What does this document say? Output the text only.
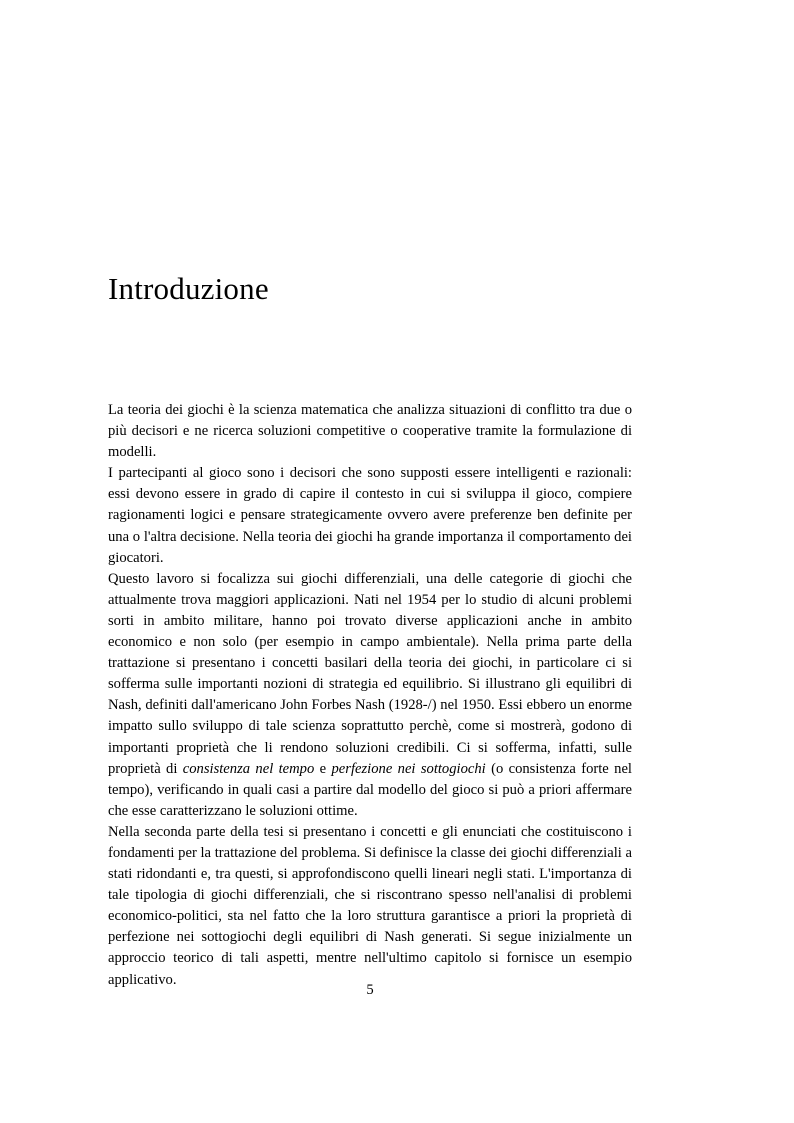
Introduzione

La teoria dei giochi è la scienza matematica che analizza situazioni di conflitto tra due o più decisori e ne ricerca soluzioni competitive o cooperative tramite la formulazione di modelli.

I partecipanti al gioco sono i decisori che sono supposti essere intelligenti e razionali: essi devono essere in grado di capire il contesto in cui si sviluppa il gioco, compiere ragionamenti logici e pensare strategicamente ovvero avere preferenze ben definite per una o l'altra decisione. Nella teoria dei giochi ha grande importanza il comportamento dei giocatori.

Questo lavoro si focalizza sui giochi differenziali, una delle categorie di giochi che attualmente trova maggiori applicazioni. Nati nel 1954 per lo studio di alcuni problemi sorti in ambito militare, hanno poi trovato diverse applicazioni anche in ambito economico e non solo (per esempio in campo ambientale). Nella prima parte della trattazione si presentano i concetti basilari della teoria dei giochi, in particolare ci si sofferma sulle importanti nozioni di strategia ed equilibrio. Si illustrano gli equilibri di Nash, definiti dall'americano John Forbes Nash (1928-/) nel 1950. Essi ebbero un enorme impatto sullo sviluppo di tale scienza soprattutto perchè, come si mostrerà, godono di importanti proprietà che li rendono soluzioni credibili. Ci si sofferma, infatti, sulle proprietà di consistenza nel tempo e perfezione nei sottogiochi (o consistenza forte nel tempo), verificando in quali casi a partire dal modello del gioco si può a priori affermare che esse caratterizzano le soluzioni ottime.

Nella seconda parte della tesi si presentano i concetti e gli enunciati che costituiscono i fondamenti per la trattazione del problema. Si definisce la classe dei giochi differenziali a stati ridondanti e, tra questi, si approfondiscono quelli lineari negli stati. L'importanza di tale tipologia di giochi differenziali, che si riscontrano spesso nell'analisi di problemi economico-politici, sta nel fatto che la loro struttura garantisce a priori la proprietà di perfezione nei sottogiochi degli equilibri di Nash generati. Si segue inizialmente un approccio teorico di tali aspetti, mentre nell'ultimo capitolo si fornisce un esempio applicativo.

5
